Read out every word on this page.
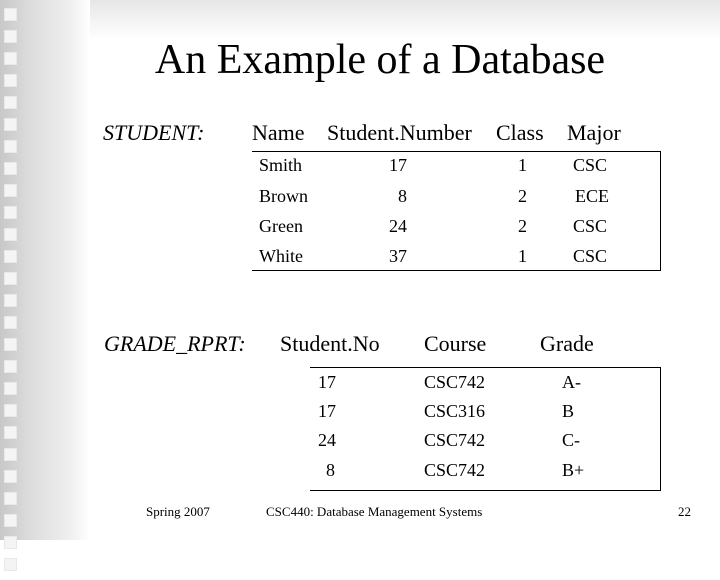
An Example of a Database
STUDENT: Name Student.Number Class Major
Smith	17	1	CSC
Brown	8	2	ECE
Green	24	2	CSC
White	37	1	CSC
GRADE_RPRT: Student.No Course Grade
17	CSC742	A-
17	CSC316	B
24	CSC742	C-
8	CSC742	B+
Spring 2007	CSC440: Database Management Systems	22
